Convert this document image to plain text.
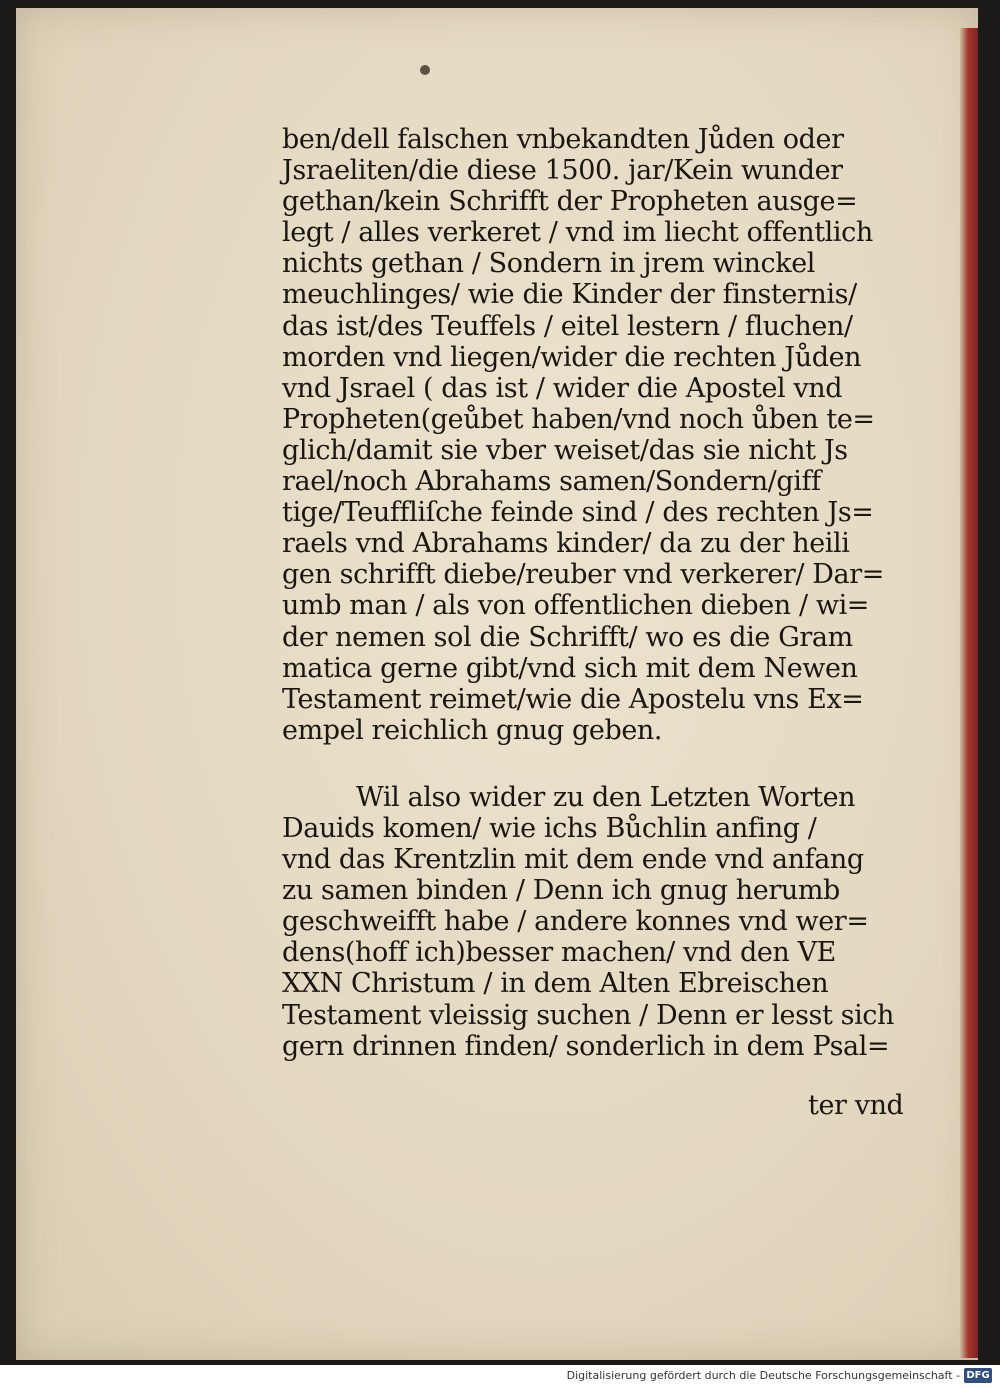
ben/dell falschen vnbekandten Jůden oder
Jsraeliten/die diese 1500. jar/Kein wunder
gethan/kein Schrifft der Propheten ausge=
legt / alles verkeret / vnd im liecht offentlich
nichts gethan / Sondern in jrem winckel
meuchlinges/ wie die Kinder der finsternis/
das ist/des Teuffels / eitel lestern / fluchen/
morden vnd liegen/wider die rechten Jůden
vnd Jsrael ( das ist / wider die Apostel vnd
Propheten(geůbet haben/vnd noch ůben te=
glich/damit sie vber weiset/das sie nicht Js
rael/noch Abrahams samen/Sondern/giff
tige/Teuffliſche feinde sind / des rechten Js=
raels vnd Abrahams kinder/ da zu der heili
gen schrifft diebe/reuber vnd verkerer/ Dar=
umb man / als von offentlichen dieben / wi=
der nemen sol die Schrifft/ wo es die Gram
matica gerne gibt/vnd sich mit dem Newen
Testament reimet/wie die Apostelu vns Ex=
empel reichlich gnug geben.
Wil also wider zu den Letzten Worten
Dauids komen/ wie ichs Bůchlin anfing /
vnd das Krentzlin mit dem ende vnd anfang
zu samen binden / Denn ich gnug herumb
geschweifft habe / andere konnes vnd wer=
dens(hoff ich)besser machen/ vnd den VE
XXN Christum / in dem Alten Ebreischen
Testament vleissig suchen / Denn er lesst sich
gern drinnen finden/ sonderlich in dem Psal=
ter vnd
Digitalisierung gefördert durch die Deutsche Forschungsgemeinschaft - DFG
